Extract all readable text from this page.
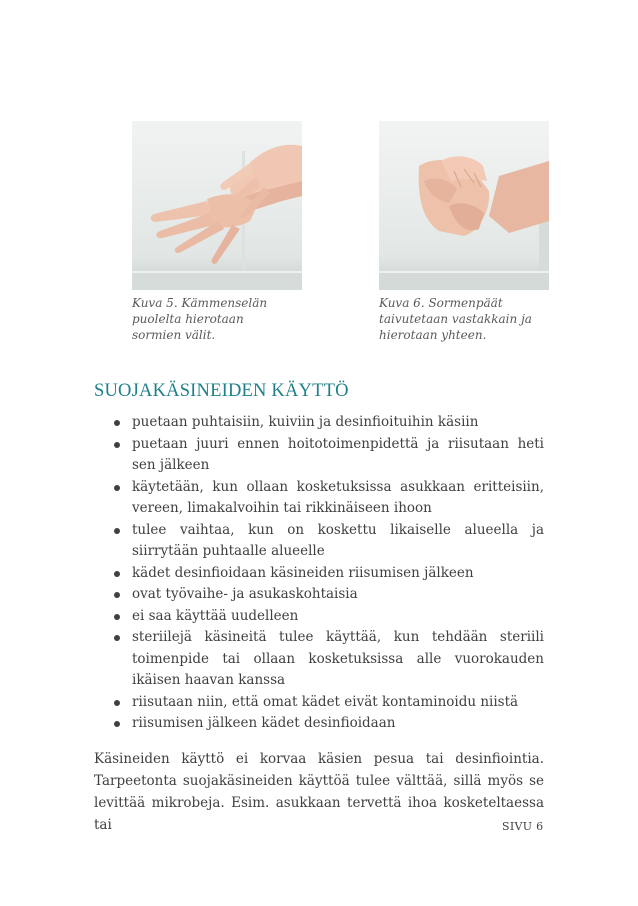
Kuva 5. Kämmenselän puolelta hierotaan sormien välit.
Kuva 6. Sormenpäät taivutetaan vastakkain ja hierotaan yhteen.
SUOJAKÄSINEIDEN KÄYTTÖ
puetaan puhtaisiin, kuiviin ja desinfioituihin käsiin
puetaan juuri ennen hoitotoimenpidettä ja riisutaan heti sen jälkeen
käytetään, kun ollaan kosketuksissa asukkaan eritteisiin, vereen, limakalvoihin tai rikkinäiseen ihoon
tulee vaihtaa, kun on koskettu likaiselle alueella ja siirrytään puhtaalle alueelle
kädet desinfioidaan käsineiden riisumisen jälkeen
ovat työvaihe- ja asukaskohtaisia
ei saa käyttää uudelleen
steriilejä käsineitä tulee käyttää, kun tehdään steriili toimenpide tai ollaan kosketuksissa alle vuorokauden ikäisen haavan kanssa
riisutaan niin, että omat kädet eivät kontaminoidu niistä
riisumisen jälkeen kädet desinfioidaan

Käsineiden käyttö ei korvaa käsien pesua tai desinfiointia. Tarpeetonta suojakäsineiden käyttöä tulee välttää, sillä myös se levittää mikrobeja. Esim. asukkaan tervettä ihoa kosketeltaessa tai	SIVU 6
